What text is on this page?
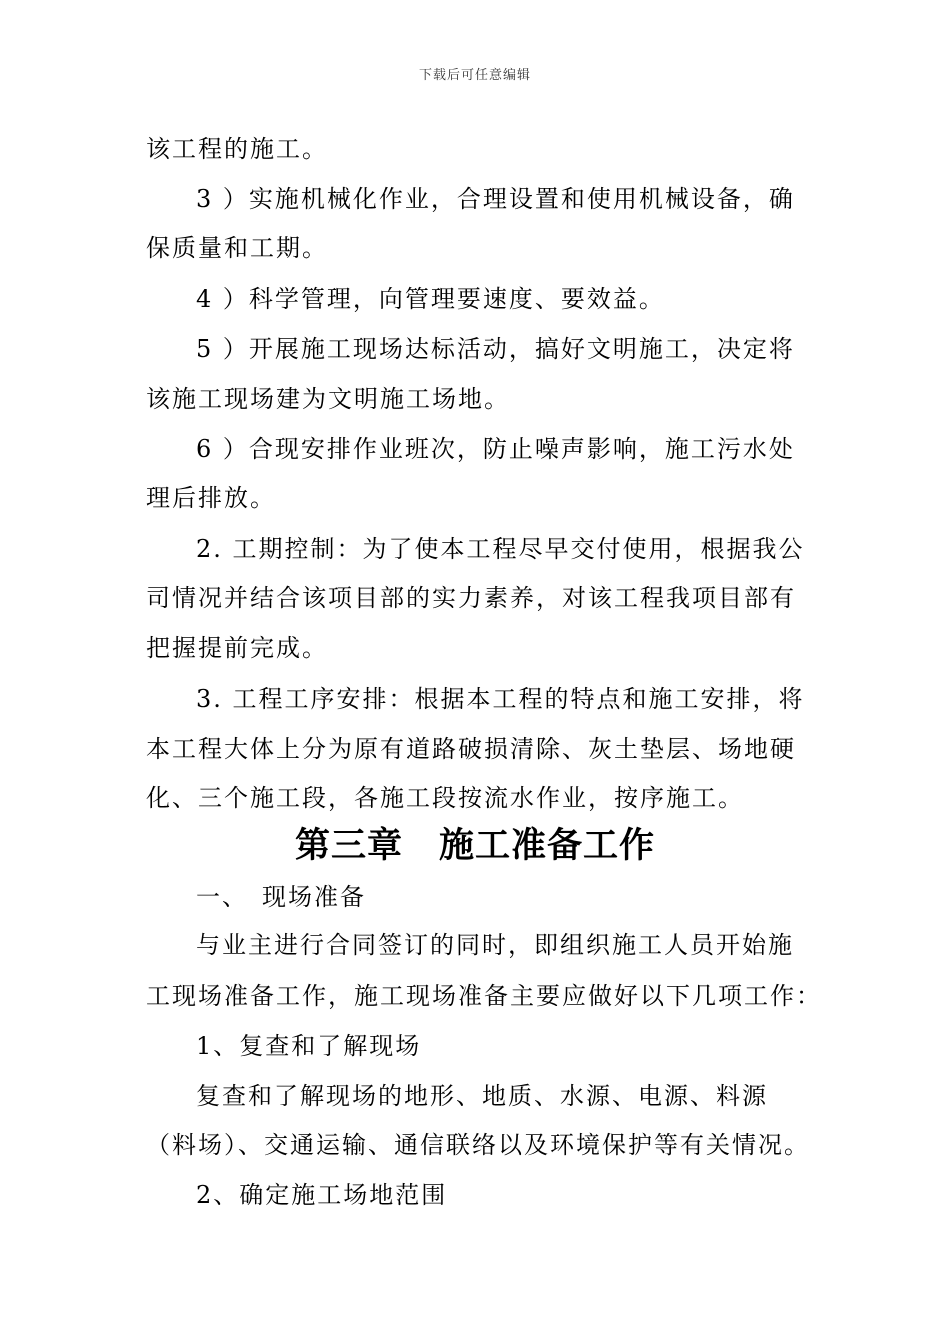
下载后可任意编辑
该工程的施工。
3 ）实施机械化作业，合理设置和使用机械设备，确
保质量和工期。
4 ）科学管理，向管理要速度、要效益。
5 ）开展施工现场达标活动，搞好文明施工，决定将
该施工现场建为文明施工场地。
6 ）合现安排作业班次，防止噪声影响，施工污水处
理后排放。
2. 工期控制：为了使本工程尽早交付使用，根据我公
司情况并结合该项目部的实力素养，对该工程我项目部有
把握提前完成。
3. 工程工序安排：根据本工程的特点和施工安排，将
本工程大体上分为原有道路破损清除、灰土垫层、场地硬
化、三个施工段，各施工段按流水作业，按序施工。
第三章　施工准备工作
一、　现场准备
与业主进行合同签订的同时，即组织施工人员开始施
工现场准备工作，施工现场准备主要应做好以下几项工作：
1、复查和了解现场
复查和了解现场的地形、地质、水源、电源、料源
（料场）、交通运输、通信联络以及环境保护等有关情况。
2、确定施工场地范围
